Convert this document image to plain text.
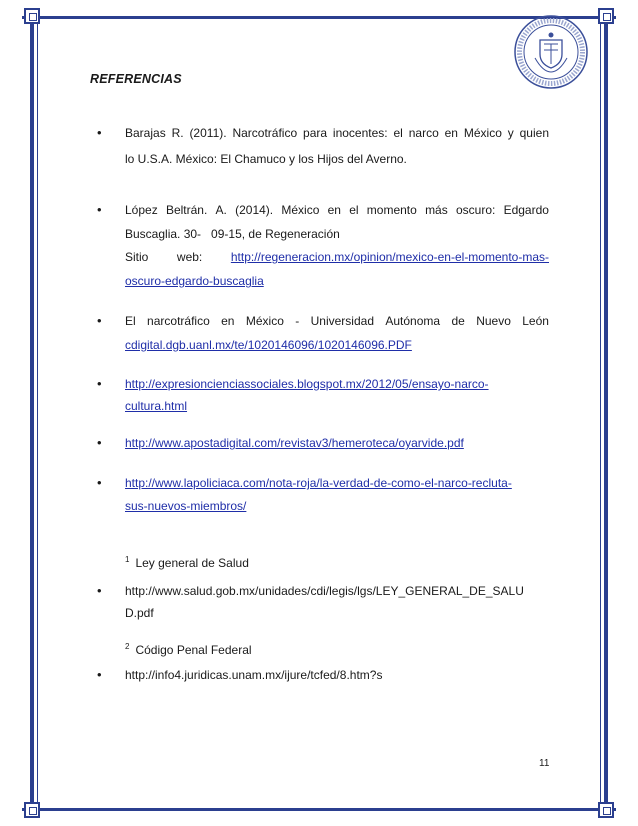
REFERENCIAS
• Barajas R. (2011). Narcotráfico para inocentes: el narco en México y quien
lo U.S.A. México: El Chamuco y los Hijos del Averno.
• López Beltrán. A. (2014). México en el momento más oscuro: Edgardo
Buscaglia. 30-   09-15, de Regeneración
Sitio web: http://regeneracion.mx/opinion/mexico-en-el-momento-mas-
oscuro-edgardo-buscaglia
• El narcotráfico en México - Universidad Autónoma de Nuevo León
cdigital.dgb.uanl.mx/te/1020146096/1020146096.PDF
• http://expresioncienciassociales.blogspot.mx/2012/05/ensayo-narco-
cultura.html
• http://www.apostadigital.com/revistav3/hemeroteca/oyarvide.pdf
• http://www.lapoliciaca.com/nota-roja/la-verdad-de-como-el-narco-recluta-
sus-nuevos-miembros/
$^1$ Ley general de Salud
• http://www.salud.gob.mx/unidades/cdi/legis/lgs/LEY_GENERAL_DE_SALU
D.pdf
$^2$ Código Penal Federal
• http://info4.juridicas.unam.mx/ijure/tcfed/8.htm?s
11
